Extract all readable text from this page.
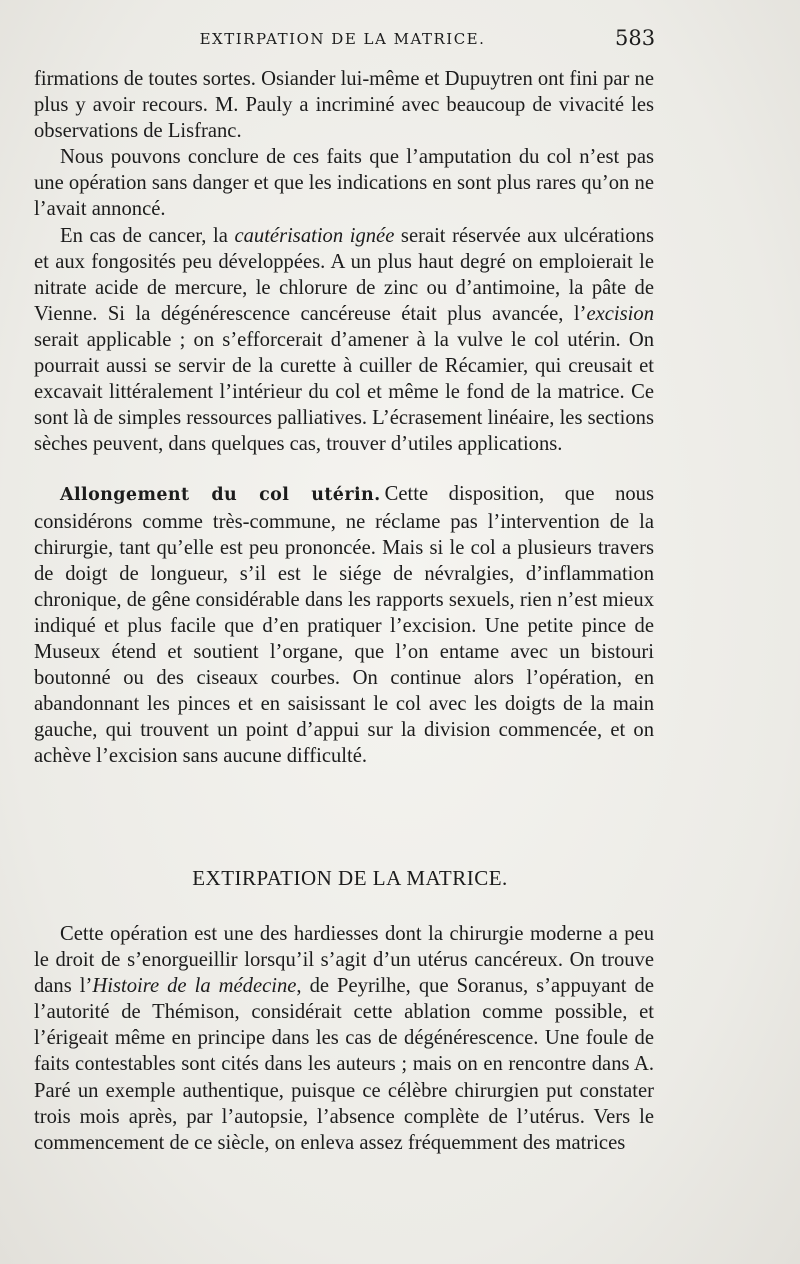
EXTIRPATION DE LA MATRICE.	583

firmations de toutes sortes. Osiander lui-même et Dupuytren ont fini par ne plus y avoir recours. M. Pauly a incriminé avec beaucoup de vivacité les observations de Lisfranc.

Nous pouvons conclure de ces faits que l’amputation du col n’est pas une opération sans danger et que les indications en sont plus rares qu’on ne l’avait annoncé.

En cas de cancer, la cautérisation ignée serait réservée aux ulcérations et aux fongosités peu développées. A un plus haut degré on emploierait le nitrate acide de mercure, le chlorure de zinc ou d’antimoine, la pâte de Vienne. Si la dégénérescence cancéreuse était plus avancée, l’excision serait applicable ; on s’efforcerait d’amener à la vulve le col utérin. On pourrait aussi se servir de la curette à cuiller de Récamier, qui creusait et excavait littéralement l’intérieur du col et même le fond de la matrice. Ce sont là de simples ressources palliatives. L’écrasement linéaire, les sections sèches peuvent, dans quelques cas, trouver d’utiles applications.

Allongement du col utérin. Cette disposition, que nous considérons comme très-commune, ne réclame pas l’intervention de la chirurgie, tant qu’elle est peu prononcée. Mais si le col a plusieurs travers de doigt de longueur, s’il est le siége de névralgies, d’inflammation chronique, de gêne considérable dans les rapports sexuels, rien n’est mieux indiqué et plus facile que d’en pratiquer l’excision. Une petite pince de Museux étend et soutient l’organe, que l’on entame avec un bistouri boutonné ou des ciseaux courbes. On continue alors l’opération, en abandonnant les pinces et en saisissant le col avec les doigts de la main gauche, qui trouvent un point d’appui sur la division commencée, et on achève l’excision sans aucune difficulté.

EXTIRPATION DE LA MATRICE.

Cette opération est une des hardiesses dont la chirurgie moderne a peu le droit de s’enorgueillir lorsqu’il s’agit d’un utérus cancéreux. On trouve dans l’Histoire de la médecine, de Peyrilhe, que Soranus, s’appuyant de l’autorité de Thémison, considérait cette ablation comme possible, et l’érigeait même en principe dans les cas de dégénérescence. Une foule de faits contestables sont cités dans les auteurs ; mais on en rencontre dans A. Paré un exemple authentique, puisque ce célèbre chirurgien put constater trois mois après, par l’autopsie, l’absence complète de l’utérus. Vers le commencement de ce siècle, on enleva assez fréquemment des matrices
